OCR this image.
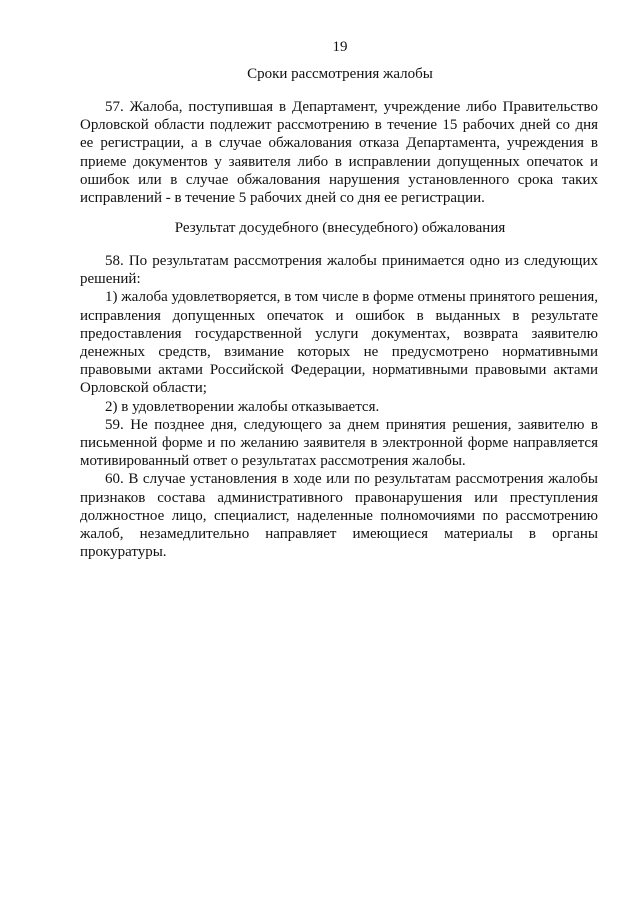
19
Сроки рассмотрения жалобы

57. Жалоба, поступившая в Департамент, учреждение либо Правительство Орловской области подлежит рассмотрению в течение 15 рабочих дней со дня ее регистрации, а в случае обжалования отказа Департамента, учреждения в приеме документов у заявителя либо в исправлении допущенных опечаток и ошибок или в случае обжалования нарушения установленного срока таких исправлений - в течение 5 рабочих дней со дня ее регистрации.

Результат досудебного (внесудебного) обжалования

58. По результатам рассмотрения жалобы принимается одно из следующих решений:

1) жалоба удовлетворяется, в том числе в форме отмены принятого решения, исправления допущенных опечаток и ошибок в выданных в результате предоставления государственной услуги документах, возврата заявителю денежных средств, взимание которых не предусмотрено нормативными правовыми актами Российской Федерации, нормативными правовыми актами Орловской области;

2) в удовлетворении жалобы отказывается.

59. Не позднее дня, следующего за днем принятия решения, заявителю в письменной форме и по желанию заявителя в электронной форме направляется мотивированный ответ о результатах рассмотрения жалобы.

60. В случае установления в ходе или по результатам рассмотрения жалобы признаков состава административного правонарушения или преступления должностное лицо, специалист, наделенные полномочиями по рассмотрению жалоб, незамедлительно направляет имеющиеся материалы в органы прокуратуры.
